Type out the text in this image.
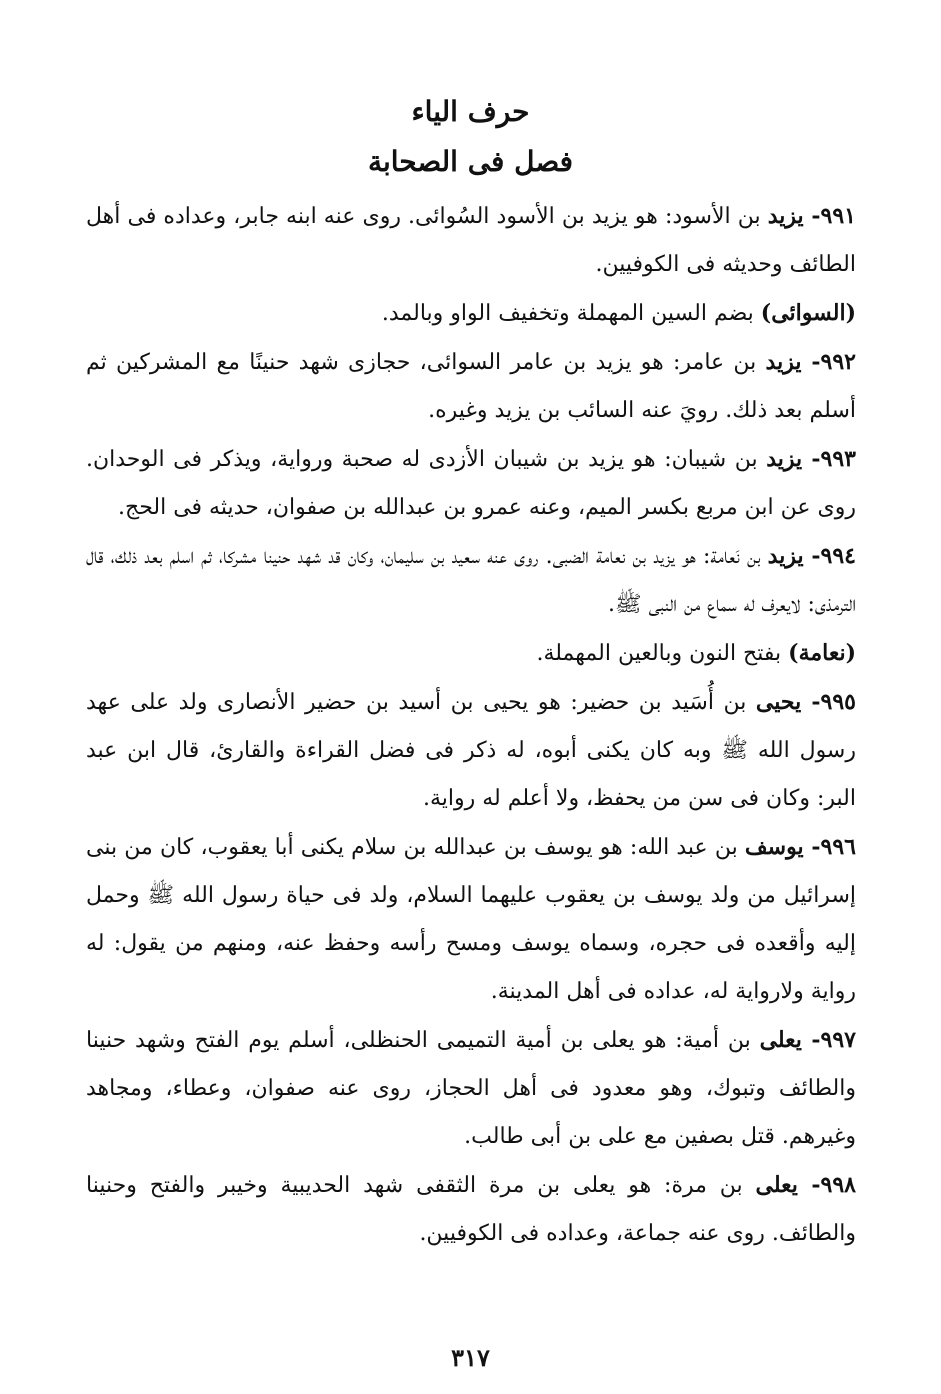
حرف الياء
فصل فى الصحابة

٩٩١- يزيد بن الأسود: هو يزيد بن الأسود السُوائى. روى عنه ابنه جابر، وعداده فى أهل الطائف وحديثه فى الكوفيين.

(السوائى) بضم السين المهملة وتخفيف الواو وبالمد.

٩٩٢- يزيد بن عامر: هو يزيد بن عامر السوائى، حجازى شهد حنينًا مع المشركين ثم أسلم بعد ذلك. رويَ عنه السائب بن يزيد وغيره.

٩٩٣- يزيد بن شيبان: هو يزيد بن شيبان الأزدى له صحبة ورواية، ويذكر فى الوحدان. روى عن ابن مربع بكسر الميم، وعنه عمرو بن عبدالله بن صفوان، حديثه فى الحج.

٩٩٤- يزيد بن نَعامة: هو يزيد بن نعامة الضبى. روى عنه سعيد بن سليمان، وكان قد شهد حنينا مشركا، ثم اسلم بعد ذلك، قال الترمذى: لايعرف له سماع من النبى ﷺ.

(نعامة) بفتح النون وبالعين المهملة.

٩٩٥- يحيى بن أُسَيد بن حضير: هو يحيى بن أسيد بن حضير الأنصارى ولد على عهد رسول الله ﷺ وبه كان يكنى أبوه، له ذكر فى فضل القراءة والقارئ، قال ابن عبد البر: وكان فى سن من يحفظ، ولا أعلم له رواية.

٩٩٦- يوسف بن عبد الله: هو يوسف بن عبدالله بن سلام يكنى أبا يعقوب، كان من بنى إسرائيل من ولد يوسف بن يعقوب عليهما السلام، ولد فى حياة رسول الله ﷺ وحمل إليه وأقعده فى حجره، وسماه يوسف ومسح رأسه وحفظ عنه، ومنهم من يقول: له رواية ولارواية له، عداده فى أهل المدينة.

٩٩٧- يعلى بن أمية: هو يعلى بن أمية التميمى الحنظلى، أسلم يوم الفتح وشهد حنينا والطائف وتبوك، وهو معدود فى أهل الحجاز، روى عنه صفوان، وعطاء، ومجاهد وغيرهم. قتل بصفين مع على بن أبى طالب.

٩٩٨- يعلى بن مرة: هو يعلى بن مرة الثقفى شهد الحديبية وخيبر والفتح وحنينا والطائف. روى عنه جماعة، وعداده فى الكوفيين.

٣١٧
